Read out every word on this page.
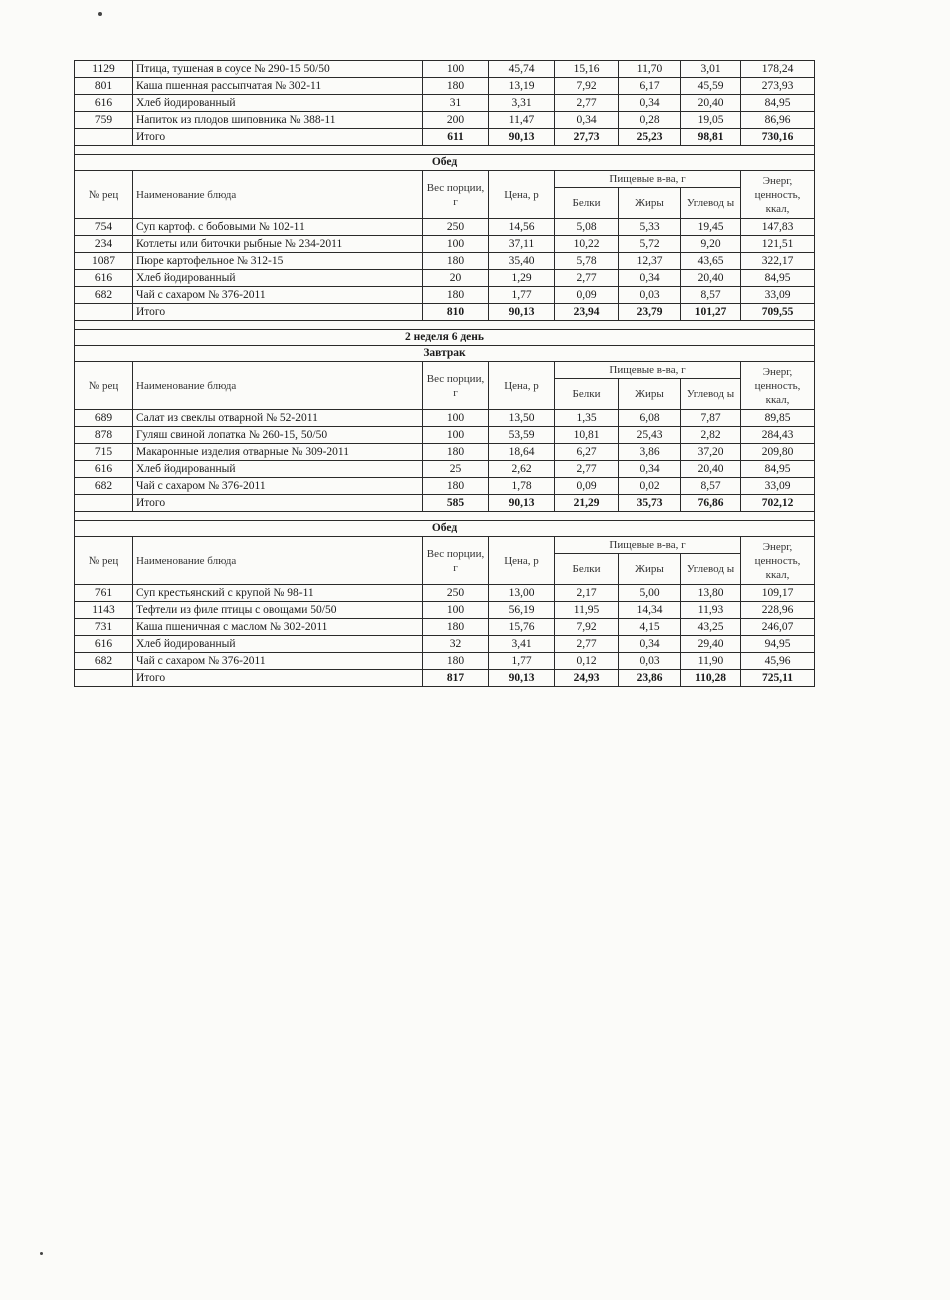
1129	Птица, тушеная в соусе № 290-15 50/50	100	45,74	15,16	11,70	3,01	178,24
801	Каша пшенная рассыпчатая № 302-11	180	13,19	7,92	6,17	45,59	273,93
616	Хлеб йодированный	31	3,31	2,77	0,34	20,40	84,95
759	Напиток из плодов шиповника № 388-11	200	11,47	0,34	0,28	19,05	86,96
	Итого	611	90,13	27,73	25,23	98,81	730,16

Обед							
№ рец	Наименование блюда	Вес порции, г	Цена, р	Пищевые в-ва, г			Энерг, ценность, ккал,
				Белки	Жиры	Углевод ы	
754	Суп картоф. с бобовыми № 102-11	250	14,56	5,08	5,33	19,45	147,83
234	Котлеты или биточки рыбные № 234-2011	100	37,11	10,22	5,72	9,20	121,51
1087	Пюре картофельное № 312-15	180	35,40	5,78	12,37	43,65	322,17
616	Хлеб йодированный	20	1,29	2,77	0,34	20,40	84,95
682	Чай с сахаром № 376-2011	180	1,77	0,09	0,03	8,57	33,09
	Итого	810	90,13	23,94	23,79	101,27	709,55

2 неделя 6 день							
Завтрак							
№ рец	Наименование блюда	Вес порции, г	Цена, р	Пищевые в-ва, г			Энерг, ценность, ккал,
				Белки	Жиры	Углевод ы	
689	Салат из свеклы отварной № 52-2011	100	13,50	1,35	6,08	7,87	89,85
878	Гуляш свиной лопатка № 260-15, 50/50	100	53,59	10,81	25,43	2,82	284,43
715	Макаронные изделия отварные № 309-2011	180	18,64	6,27	3,86	37,20	209,80
616	Хлеб йодированный	25	2,62	2,77	0,34	20,40	84,95
682	Чай с сахаром № 376-2011	180	1,78	0,09	0,02	8,57	33,09
	Итого	585	90,13	21,29	35,73	76,86	702,12

Обед							
№ рец	Наименование блюда	Вес порции, г	Цена, р	Пищевые в-ва, г			Энерг, ценность, ккал,
				Белки	Жиры	Углевод ы	
761	Суп крестьянский с крупой № 98-11	250	13,00	2,17	5,00	13,80	109,17
1143	Тефтели из филе птицы с овощами 50/50	100	56,19	11,95	14,34	11,93	228,96
731	Каша пшеничная с маслом № 302-2011	180	15,76	7,92	4,15	43,25	246,07
616	Хлеб йодированный	32	3,41	2,77	0,34	29,40	94,95
682	Чай с сахаром № 376-2011	180	1,77	0,12	0,03	11,90	45,96
	Итого	817	90,13	24,93	23,86	110,28	725,11
